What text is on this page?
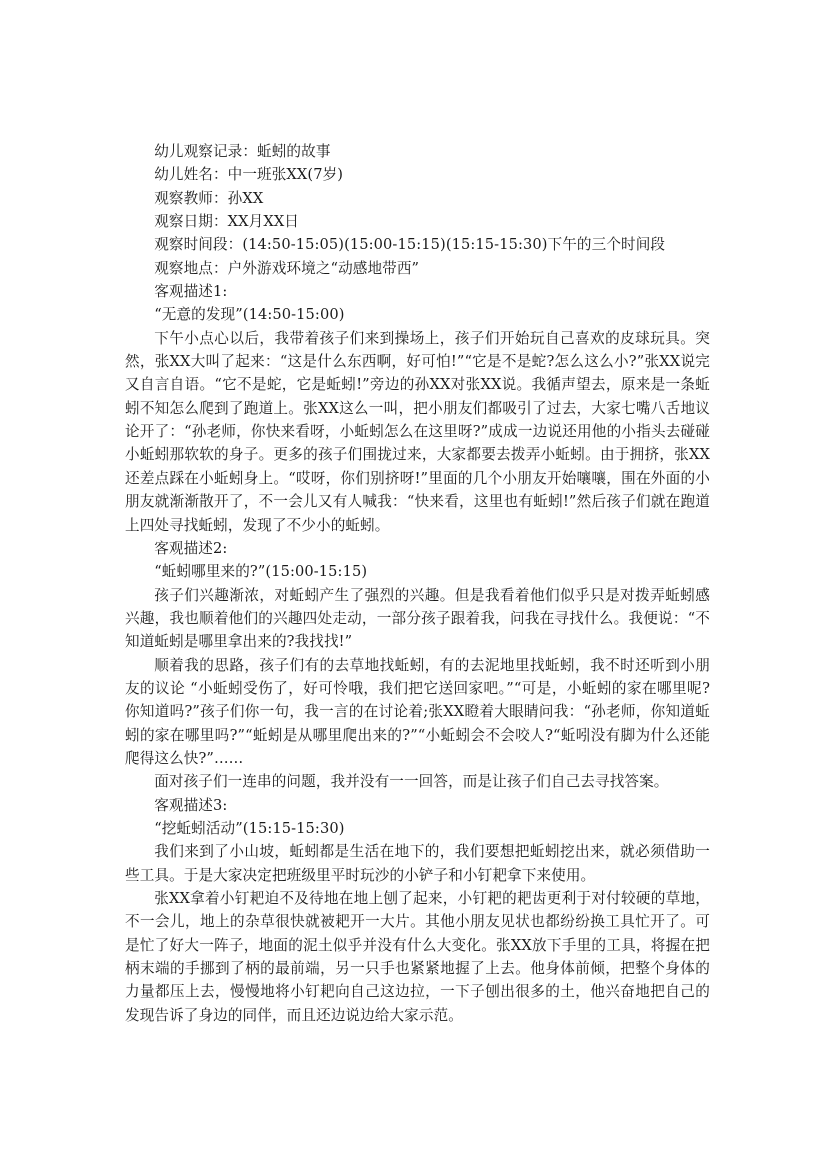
幼儿观察记录：蚯蚓的故事

幼儿姓名：中一班张XX(7岁)

观察教师：孙XX

观察日期：XX月XX日

观察时间段：(14:50-15:05)(15:00-15:15)(15:15-15:30)下午的三个时间段

观察地点：户外游戏环境之“动感地带西”

客观描述1:

“无意的发现”(14:50-15:00)

下午小点心以后，我带着孩子们来到操场上，孩子们开始玩自己喜欢的皮球玩具。突然，张XX大叫了起来：“这是什么东西啊，好可怕!”“它是不是蛇?怎么这么小?”张XX说完又自言自语。“它不是蛇，它是蚯蚓!”旁边的孙XX对张XX说。我循声望去，原来是一条蚯蚓不知怎么爬到了跑道上。张XX这么一叫，把小朋友们都吸引了过去，大家七嘴八舌地议论开了：“孙老师，你快来看呀，小蚯蚓怎么在这里呀?”成成一边说还用他的小指头去碰碰小蚯蚓那软软的身子。更多的孩子们围拢过来，大家都要去拨弄小蚯蚓。由于拥挤，张XX还差点踩在小蚯蚓身上。“哎呀，你们别挤呀!”里面的几个小朋友开始嚷嚷，围在外面的小朋友就渐渐散开了，不一会儿又有人喊我：“快来看，这里也有蚯蚓!”然后孩子们就在跑道上四处寻找蚯蚓，发现了不少小的蚯蚓。

客观描述2:

“蚯蚓哪里来的?”(15:00-15:15)

孩子们兴趣渐浓，对蚯蚓产生了强烈的兴趣。但是我看着他们似乎只是对拨弄蚯蚓感兴趣，我也顺着他们的兴趣四处走动，一部分孩子跟着我，问我在寻找什么。我便说：“不知道蚯蚓是哪里拿出来的?我找找!”

顺着我的思路，孩子们有的去草地找蚯蚓，有的去泥地里找蚯蚓，我不时还听到小朋友的议论 “小蚯蚓受伤了，好可怜哦，我们把它送回家吧。”“可是，小蚯蚓的家在哪里呢?你知道吗?”孩子们你一句，我一言的在讨论着;张XX瞪着大眼睛问我：“孙老师，你知道蚯蚓的家在哪里吗?”“蚯蚓是从哪里爬出来的?”“小蚯蚓会不会咬人?“蚯吲没有脚为什么还能爬得这么快?”……

面对孩子们一连串的问题，我并没有一一回答，而是让孩子们自己去寻找答案。

客观描述3:

“挖蚯蚓活动”(15:15-15:30)

我们来到了小山坡，蚯蚓都是生活在地下的，我们要想把蚯蚓挖出来，就必须借助一些工具。于是大家决定把班级里平时玩沙的小铲子和小钉耙拿下来使用。

张XX拿着小钉耙迫不及待地在地上刨了起来，小钉耙的耙齿更利于对付较硬的草地，不一会儿，地上的杂草很快就被耙开一大片。其他小朋友见状也都纷纷换工具忙开了。可是忙了好大一阵子，地面的泥土似乎并没有什么大变化。张XX放下手里的工具，将握在把柄末端的手挪到了柄的最前端，另一只手也紧紧地握了上去。他身体前倾，把整个身体的力量都压上去，慢慢地将小钉耙向自己这边拉，一下子刨出很多的土，他兴奋地把自己的发现告诉了身边的同伴，而且还边说边给大家示范。
